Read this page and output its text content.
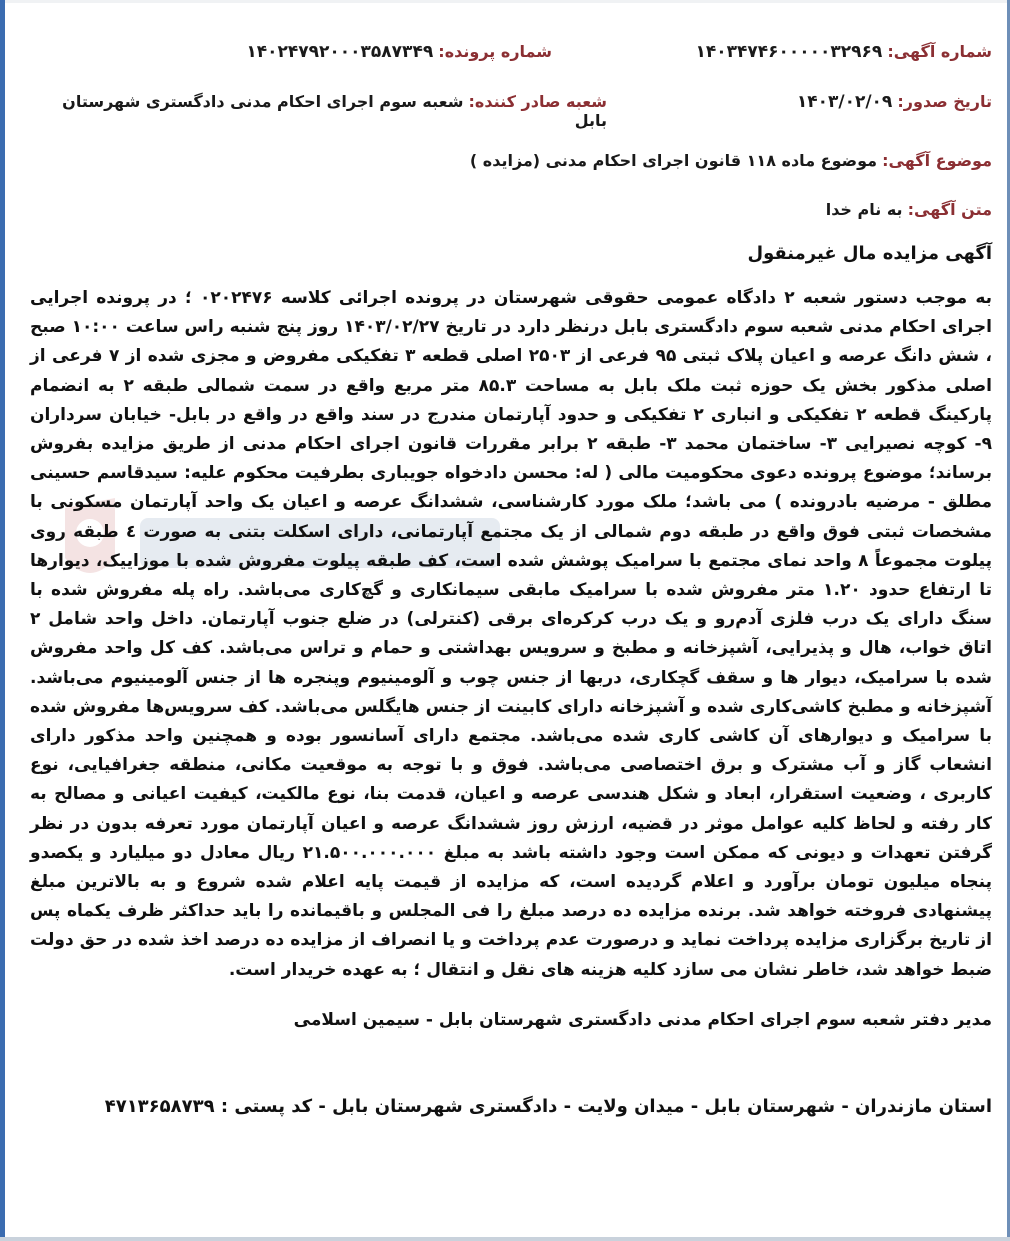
شماره آگهی: ۱۴۰۳۴۷۴۶۰۰۰۰۰۳۲۹۶۹
شماره پرونده: ۱۴۰۲۴۷۹۲۰۰۰۳۵۸۷۳۴۹
تاریخ صدور: ۱۴۰۳/۰۲/۰۹
شعبه صادر کننده: شعبه سوم اجرای احکام مدنی دادگستری شهرستان بابل
موضوع آگهی: موضوع ماده ۱۱۸ قانون اجرای احکام مدنی (مزایده )
متن آگهی: به نام خدا
آگهی مزایده مال غیرمنقول
به موجب دستور شعبه ۲ دادگاه عمومی حقوقی شهرستان در پرونده اجرائی کلاسه ۰۲۰۲۴۷۶ ؛ در پرونده اجرایی اجرای احکام مدنی شعبه سوم دادگستری بابل درنظر دارد در تاریخ ۱۴۰۳/۰۲/۲۷ روز پنج شنبه راس ساعت ۱۰:۰۰ صبح ، شش دانگ عرصه و اعیان پلاک ثبتی ۹۵ فرعی از ۲۵۰۳ اصلی قطعه ۳ تفکیکی مفروض و مجزی شده از ۷ فرعی از اصلی مذکور بخش یک حوزه ثبت ملک بابل به مساحت ۸۵.۳ متر مربع واقع در سمت شمالی طبقه ۲ به انضمام پارکینگ قطعه ۲ تفکیکی و انباری ۲ تفکیکی و حدود آپارتمان مندرج در سند واقع در واقع در بابل- خیابان سرداران ۹- کوچه نصیرایی ۳- ساختمان محمد ۳- طبقه ۲ برابر مقررات قانون اجرای احکام مدنی از طریق مزایده بفروش برساند؛ موضوع پرونده دعوی محکومیت مالی ( له: محسن دادخواه جویباری بطرفیت محکوم علیه: سیدقاسم حسینی مطلق - مرضیه بادرونده ) می باشد؛ ملک مورد کارشناسی، ششدانگ عرصه و اعیان یک واحد آپارتمان مسکونی با مشخصات ثبتی فوق واقع در طبقه دوم شمالی از یک مجتمع آپارتمانی، دارای اسکلت بتنی به صورت ٤ طبقه روی پیلوت مجموعاً ۸ واحد نمای مجتمع با سرامیک پوشش شده است، کف طبقه پیلوت مفروش شده با موزاییک، دیوارها تا ارتفاع حدود ۱.۲۰ متر مفروش شده با سرامیک مابقی سیمانکاری و گچ‌کاری می‌باشد. راه پله مفروش شده با سنگ دارای یک درب فلزی آدم‌رو و یک درب کرکره‌ای برقی (کنترلی) در ضلع جنوب آپارتمان. داخل واحد شامل ۲ اتاق خواب، هال و پذیرایی، آشپزخانه و مطبخ و سرویس بهداشتی و حمام و تراس می‌باشد. کف کل واحد مفروش شده با سرامیک، دیوار ها و سقف گچکاری، دربها از جنس چوب و آلومینیوم وپنجره ها از جنس آلومینیوم می‌باشد. آشپزخانه و مطبخ کاشی‌کاری شده و آشپزخانه دارای کابینت از جنس هایگلس می‌باشد. کف سرویس‌ها مفروش شده با سرامیک و دیوارهای آن کاشی کاری شده می‌باشد. مجتمع دارای آسانسور بوده و همچنین واحد مذکور دارای انشعاب گاز و آب مشترک و برق اختصاصی می‌باشد. فوق و با توجه به موقعیت مکانی، منطقه جغرافیایی، نوع کاربری ، وضعیت استقرار، ابعاد و شکل هندسی عرصه و اعیان، قدمت بنا، نوع مالکیت، کیفیت اعیانی و مصالح به کار رفته و لحاظ کلیه عوامل موثر در قضیه، ارزش روز ششدانگ عرصه و اعیان آپارتمان مورد تعرفه بدون در نظر گرفتن تعهدات و دیونی که ممکن است وجود داشته باشد به مبلغ ۲۱.۵۰۰.۰۰۰.۰۰۰ ریال معادل دو میلیارد و یکصدو پنجاه میلیون تومان برآورد و اعلام گردیده است، که مزایده از قیمت پایه اعلام شده شروع و به بالاترین مبلغ پیشنهادی فروخته خواهد شد. برنده مزایده ده درصد مبلغ را فی المجلس و باقیمانده را باید حداکثر ظرف یکماه پس از تاریخ برگزاری مزایده پرداخت نماید و درصورت عدم پرداخت و یا انصراف از مزایده ده درصد اخذ شده در حق دولت ضبط خواهد شد، خاطر نشان می سازد کلیه هزینه های نقل و انتقال ؛ به عهده خریدار است.
مدیر دفتر شعبه سوم اجرای احکام مدنی دادگستری شهرستان بابل - سیمین اسلامی
استان مازندران - شهرستان بابل - میدان ولایت - دادگستری شهرستان بابل - کد پستی : ۴۷۱۳۶۵۸۷۳۹
